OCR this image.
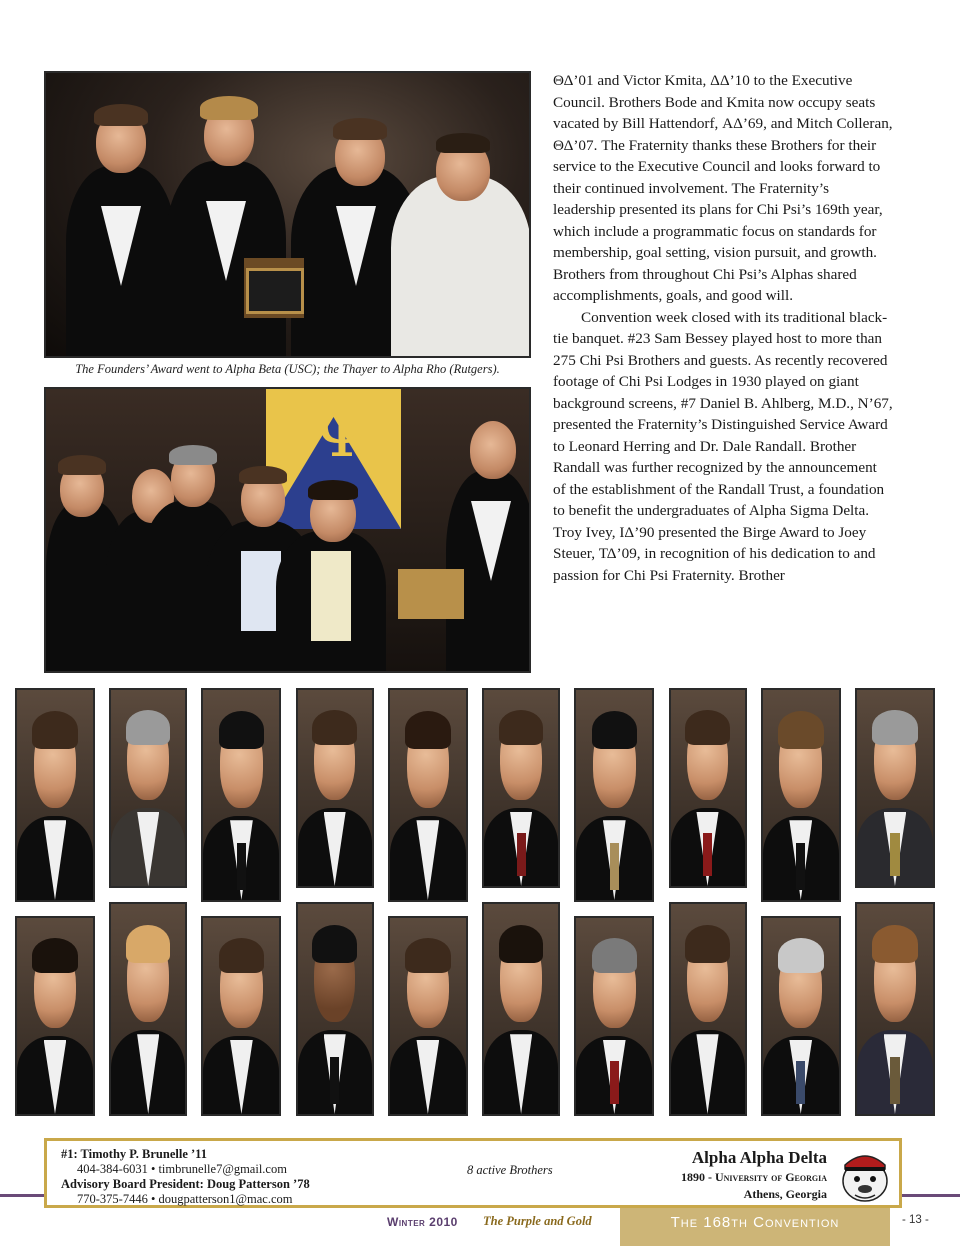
The Founders’ Award went to Alpha Beta (USC); the Thayer to Alpha Rho (Rutgers).
Ψ

ΘΔ’01 and Victor Kmita, ΔΔ’10 to the Executive Council. Brothers Bode and Kmita now occupy seats vacated by Bill Hattendorf, ΑΔ’69, and Mitch Colleran, ΘΔ’07. The Fraternity thanks these Brothers for their service to the Executive Council and looks forward to their continued involvement. The Fraternity’s leadership presented its plans for Chi Psi’s 169th year, which include a programmatic focus on standards for membership, goal setting, vision pursuit, and growth. Brothers from throughout Chi Psi’s Alphas shared accomplishments, goals, and good will.

Convention week closed with its traditional black-tie banquet. #23 Sam Bessey played host to more than 275 Chi Psi Brothers and guests. As recently recovered footage of Chi Psi Lodges in 1930 played on giant background screens, #7 Daniel B. Ahlberg, M.D., N’67, presented the Fraternity’s Distinguished Service Award to Leonard Herring and Dr. Dale Randall. Brother Randall was further recognized by the announcement of the establishment of the Randall Trust, a foundation to benefit the undergraduates of Alpha Sigma Delta. Troy Ivey, ΙΔ’90 presented the Birge Award to Joey Steuer, ΤΔ’09, in recognition of his dedication to and passion for Chi Psi Fraternity. Brother

#1: Timothy P. Brunelle ’11
404-384-6031 • timbrunelle7@gmail.com
Advisory Board President: Doug Patterson ’78
770-375-7446 • dougpatterson1@mac.com
8 active Brothers
Alpha Alpha Delta
1890 - University of Georgia
Athens, Georgia
Winter 2010 The Purple and Gold	The 168th Convention	- 13 -
